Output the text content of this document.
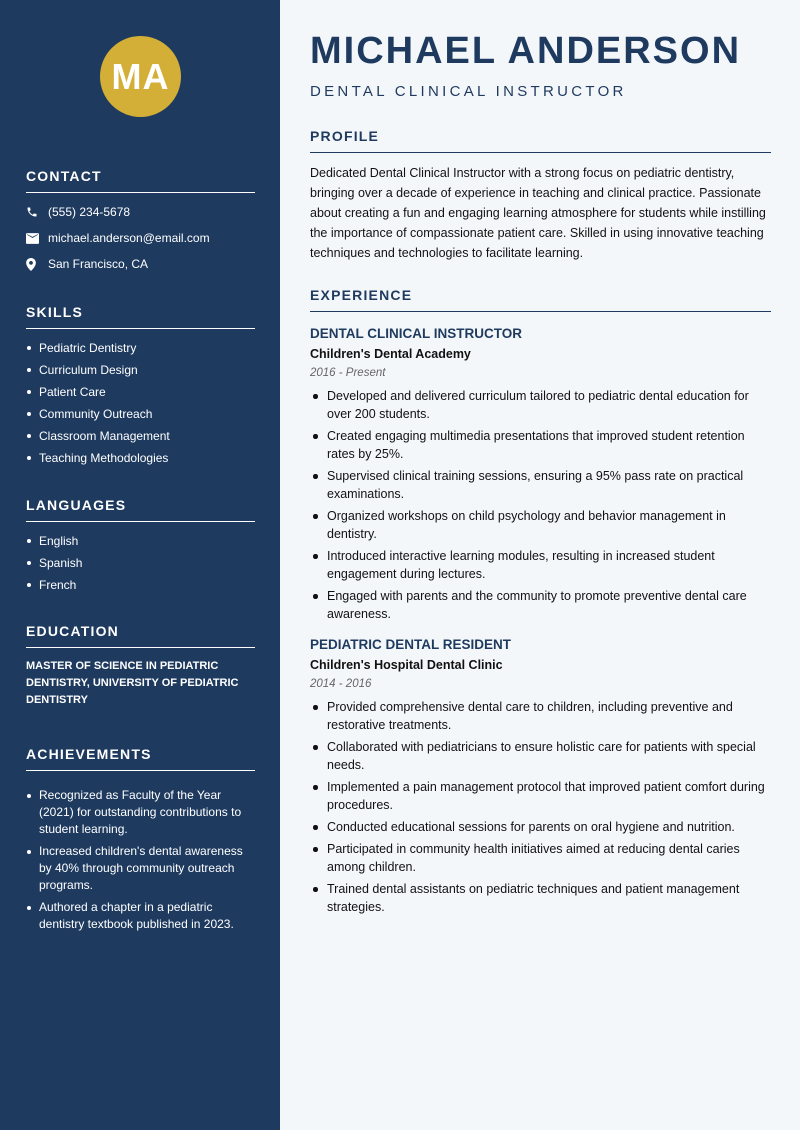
MA
CONTACT
(555) 234-5678
michael.anderson@email.com
San Francisco, CA
SKILLS
Pediatric Dentistry
Curriculum Design
Patient Care
Community Outreach
Classroom Management
Teaching Methodologies
LANGUAGES
English
Spanish
French
EDUCATION
MASTER OF SCIENCE IN PEDIATRIC DENTISTRY, UNIVERSITY OF PEDIATRIC DENTISTRY
ACHIEVEMENTS
Recognized as Faculty of the Year (2021) for outstanding contributions to student learning.
Increased children's dental awareness by 40% through community outreach programs.
Authored a chapter in a pediatric dentistry textbook published in 2023.
MICHAEL ANDERSON
DENTAL CLINICAL INSTRUCTOR
PROFILE

Dedicated Dental Clinical Instructor with a strong focus on pediatric dentistry, bringing over a decade of experience in teaching and clinical practice. Passionate about creating a fun and engaging learning atmosphere for students while instilling the importance of compassionate patient care. Skilled in using innovative teaching techniques and technologies to facilitate learning.

EXPERIENCE
DENTAL CLINICAL INSTRUCTOR
Children's Dental Academy
2016 - Present
Developed and delivered curriculum tailored to pediatric dental education for over 200 students.
Created engaging multimedia presentations that improved student retention rates by 25%.
Supervised clinical training sessions, ensuring a 95% pass rate on practical examinations.
Organized workshops on child psychology and behavior management in dentistry.
Introduced interactive learning modules, resulting in increased student engagement during lectures.
Engaged with parents and the community to promote preventive dental care awareness.
PEDIATRIC DENTAL RESIDENT
Children's Hospital Dental Clinic
2014 - 2016
Provided comprehensive dental care to children, including preventive and restorative treatments.
Collaborated with pediatricians to ensure holistic care for patients with special needs.
Implemented a pain management protocol that improved patient comfort during procedures.
Conducted educational sessions for parents on oral hygiene and nutrition.
Participated in community health initiatives aimed at reducing dental caries among children.
Trained dental assistants on pediatric techniques and patient management strategies.
